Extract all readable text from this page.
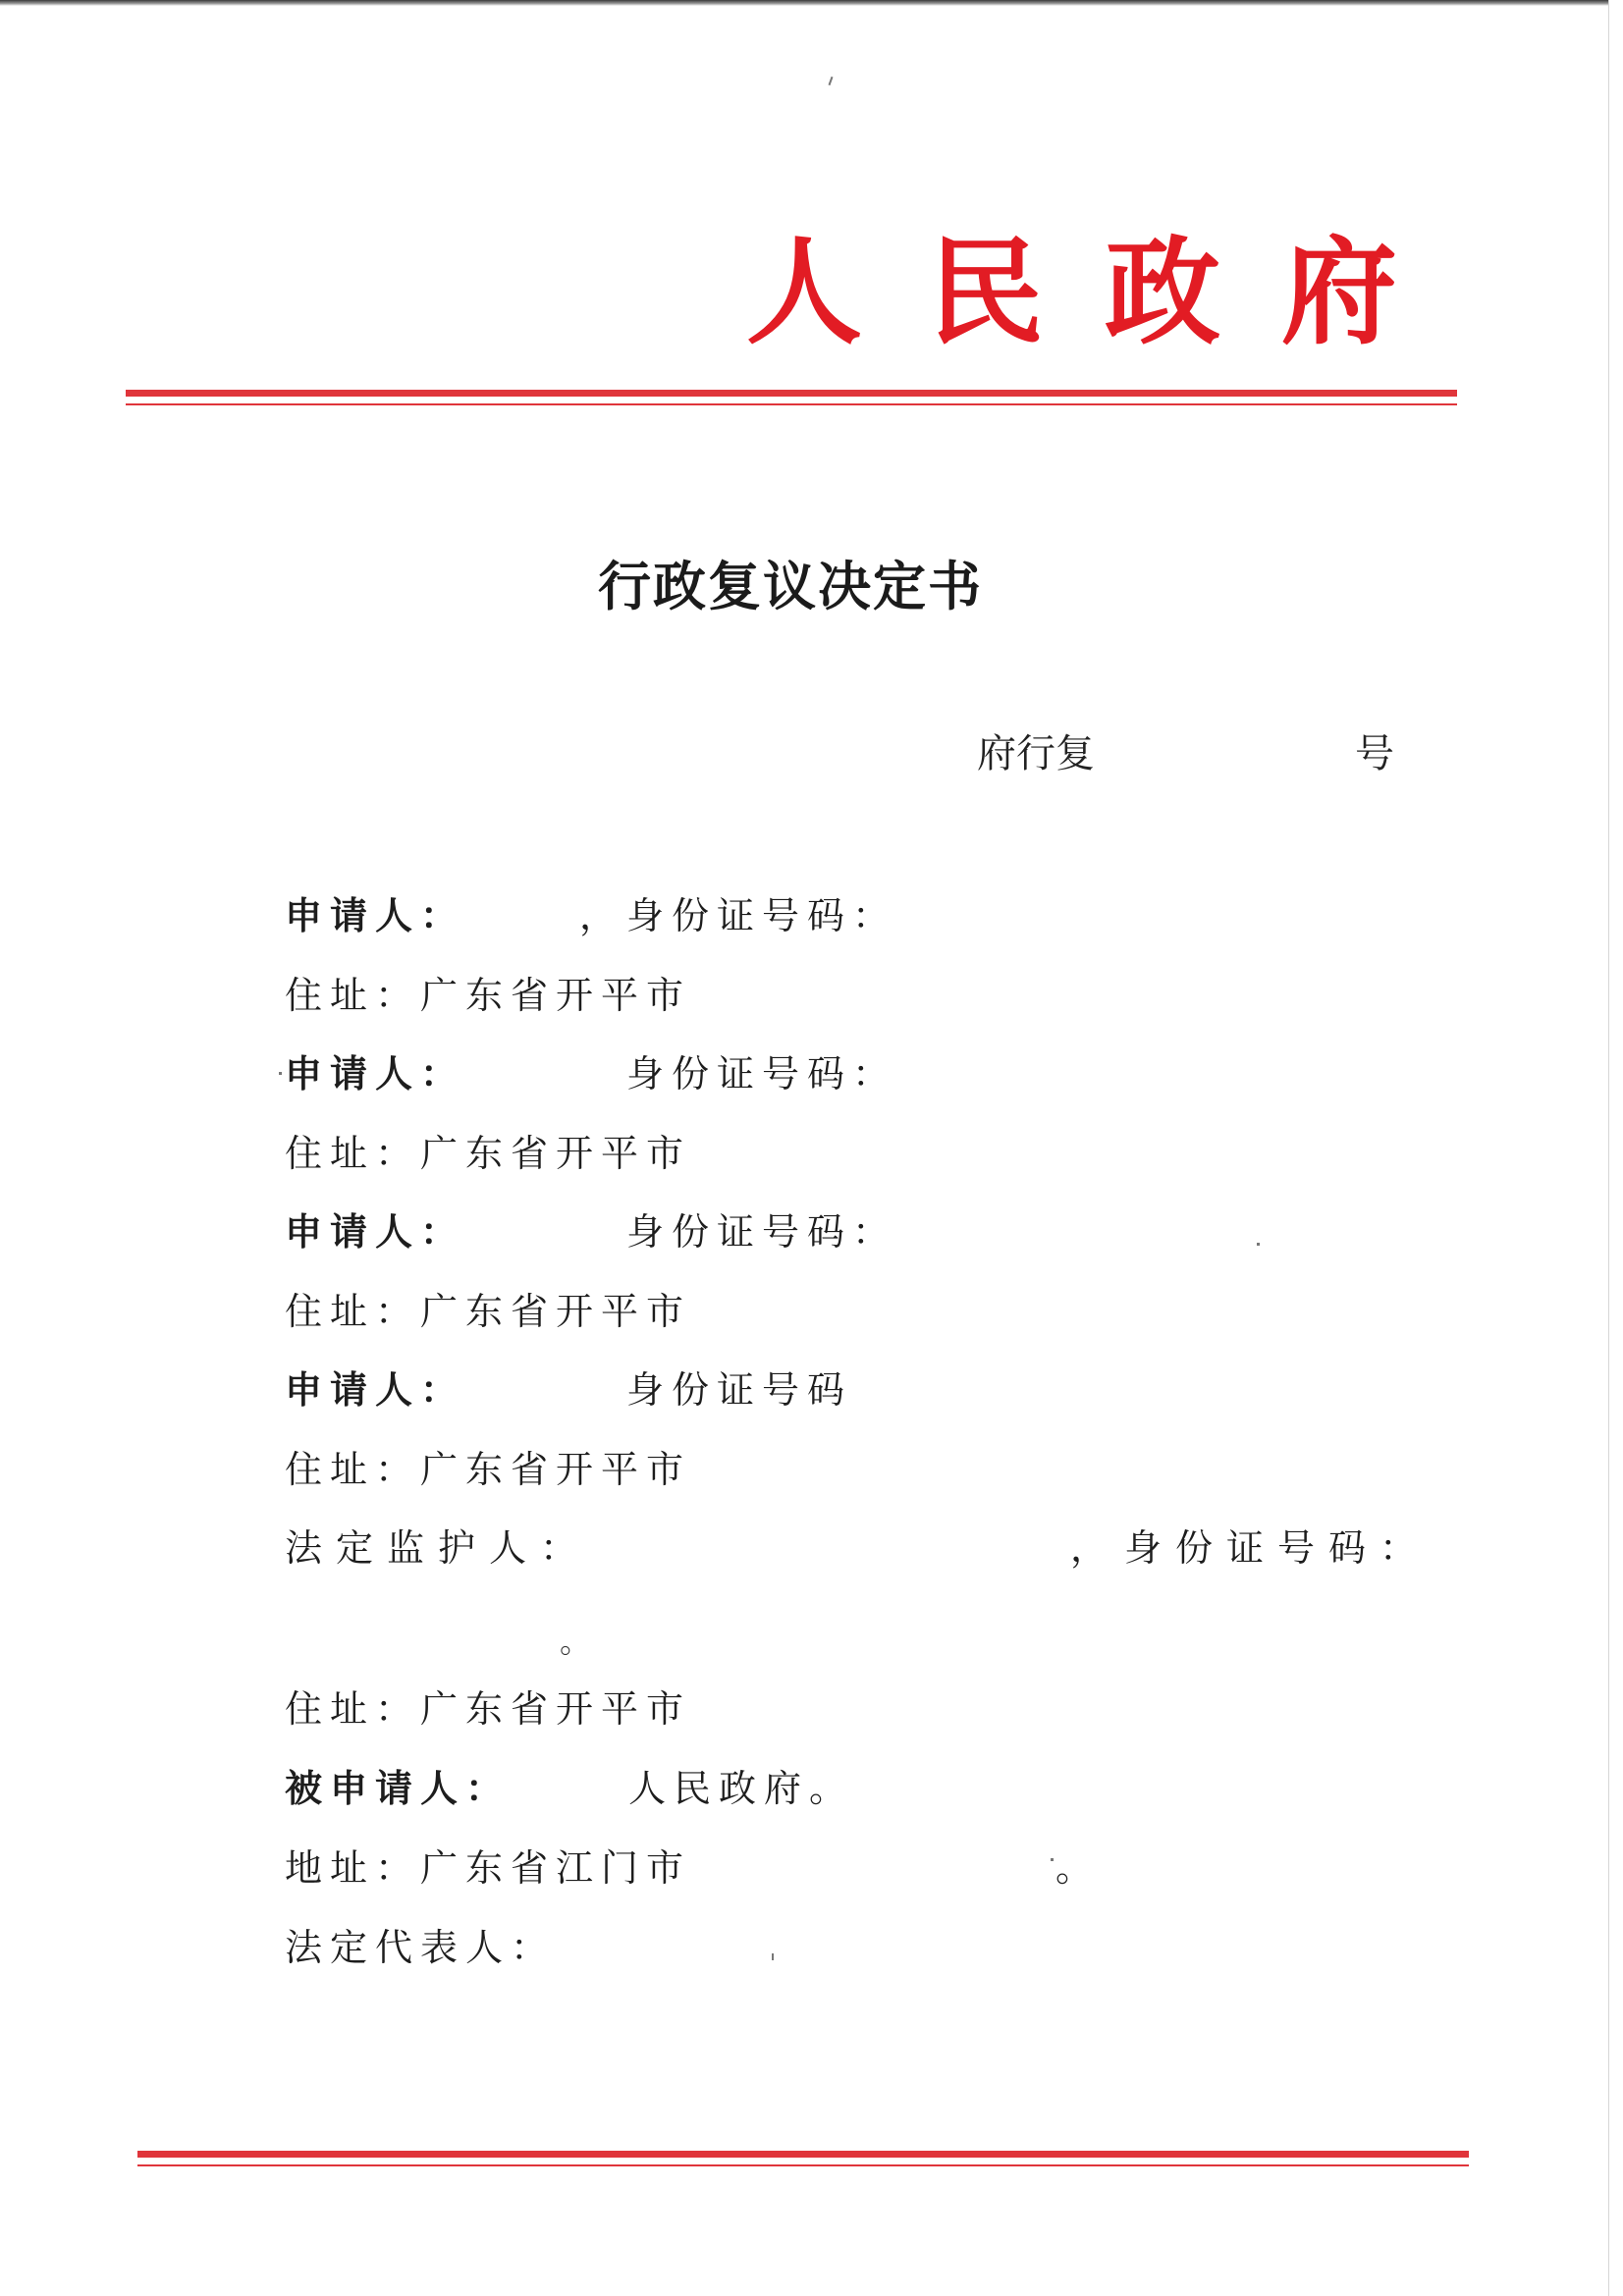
人 民 政 府
行政复议决定书
府行复	号
申请人：	， 身份证号码：
住址：广东省开平市
申请人：	身份证号码：
住址：广东省开平市
申请人：	身份证号码：
住址：广东省开平市
申请人：	身份证号码
住址：广东省开平市
法定监护人：	， 身份证号码：
。
住址：广东省开平市
被申请人：	人民政府。
地址：广东省江门市	。
法定代表人：
